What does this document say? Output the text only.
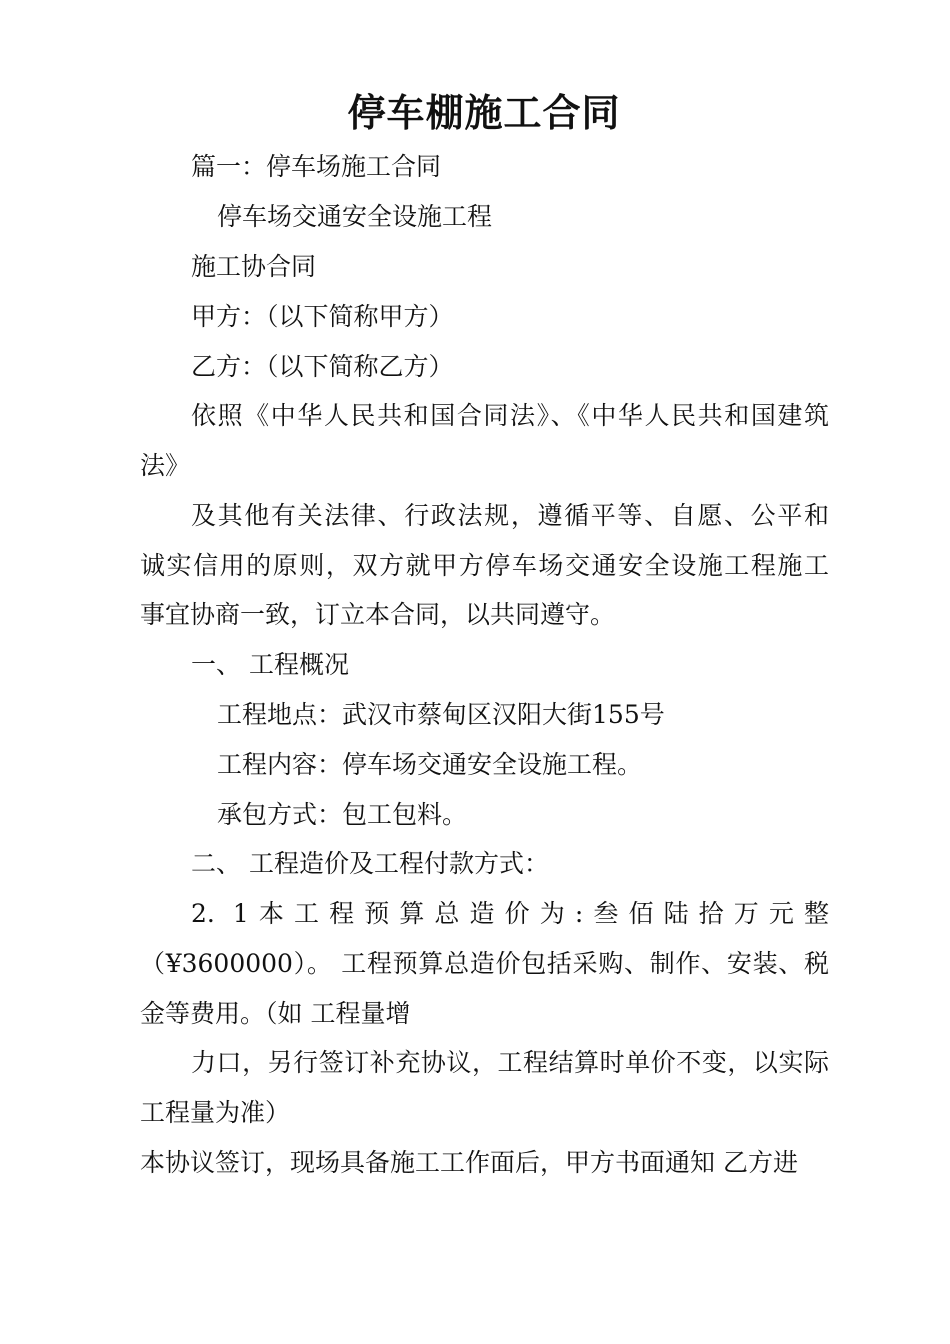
停车棚施工合同
篇一：停车场施工合同
停车场交通安全设施工程
施工协合同
甲方：（以下简称甲方）
乙方：（以下简称乙方）
依照《中华人民共和国合同法》、《中华人民共和国建筑
法》
及其他有关法律、行政法规，遵循平等、自愿、公平和
诚实信用的原则，双方就甲方停车场交通安全设施工程施工
事宜协商一致，订立本合同，以共同遵守。
一、 工程概况
工程地点：武汉市蔡甸区汉阳大街155号
工程内容：停车场交通安全设施工程。
承包方式：包工包料。
二、 工程造价及工程付款方式：
2. 1本工程预算总造价为:叁佰陆拾万元整
（¥3600000）。 工程预算总造价包括采购、制作、安装、税
金等费用。（如 工程量增
力口，另行签订补充协议，工程结算时单价不变，以实际
工程量为准）
本协议签订，现场具备施工工作面后，甲方书面通知 乙方进
